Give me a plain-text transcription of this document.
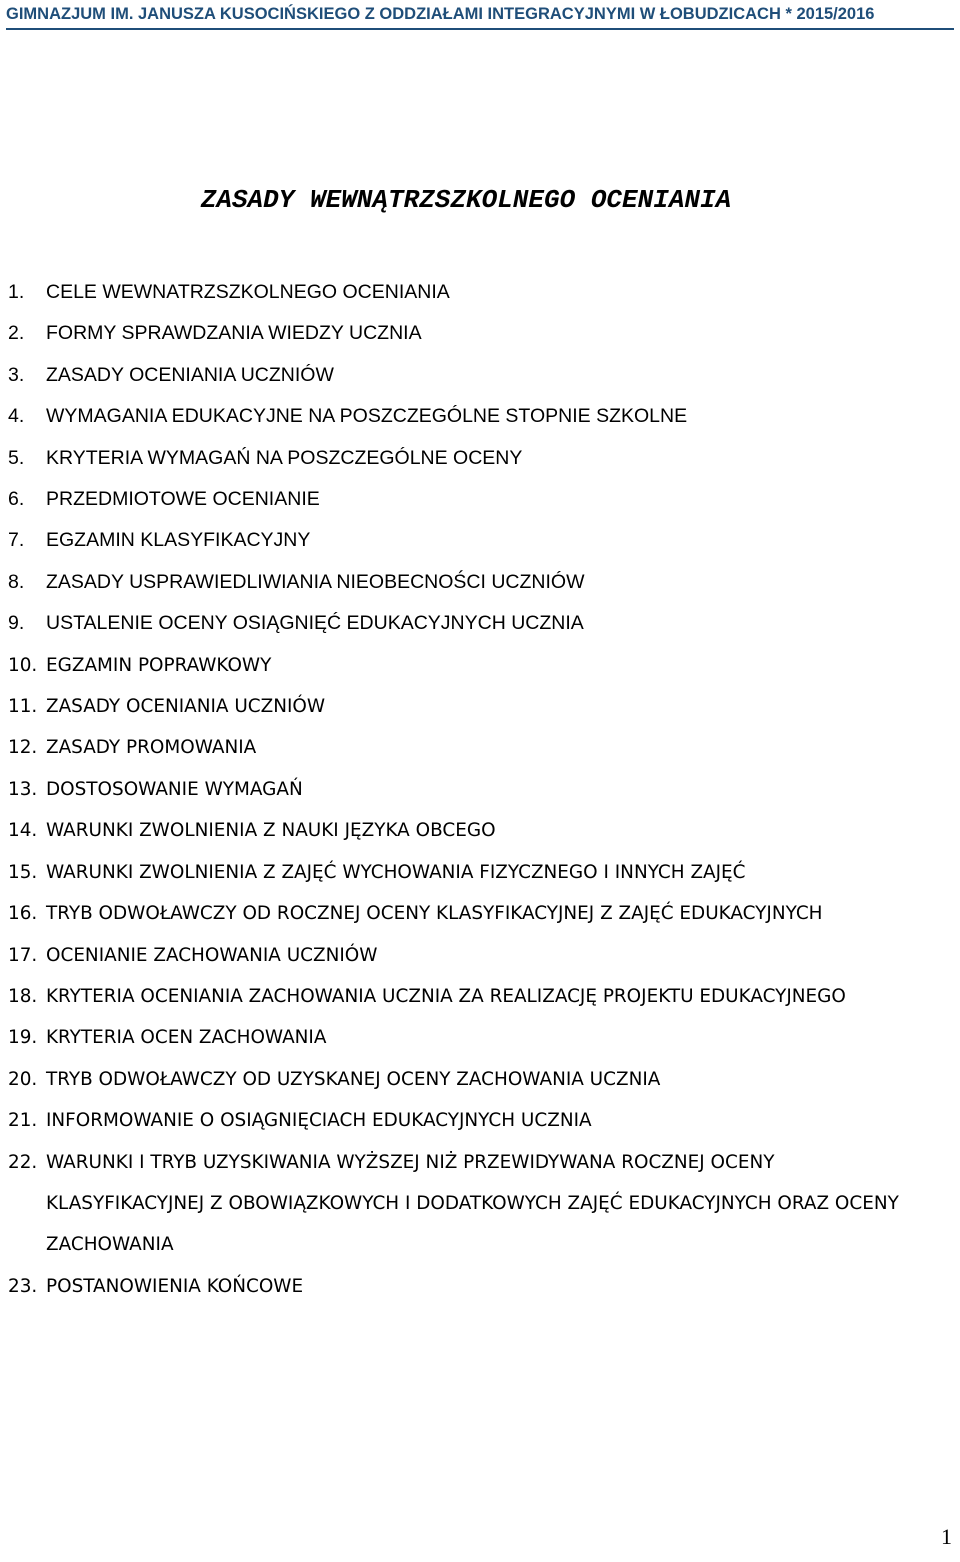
GIMNAZJUM IM. JANUSZA KUSOCIŃSKIEGO Z ODDZIAŁAMI INTEGRACYJNYMI W ŁOBUDZICACH * 2015/2016
ZASADY WEWNĄTRZSZKOLNEGO OCENIANIA
1.	CELE WEWNATRZSZKOLNEGO OCENIANIA
2.	FORMY SPRAWDZANIA WIEDZY UCZNIA
3.	ZASADY OCENIANIA UCZNIÓW
4.	WYMAGANIA EDUKACYJNE NA POSZCZEGÓLNE STOPNIE SZKOLNE
5.	KRYTERIA WYMAGAŃ NA POSZCZEGÓLNE OCENY
6.	PRZEDMIOTOWE OCENIANIE
7.	EGZAMIN KLASYFIKACYJNY
8.	ZASADY USPRAWIEDLIWIANIA NIEOBECNOŚCI UCZNIÓW
9.	USTALENIE OCENY OSIĄGNIĘĆ EDUKACYJNYCH UCZNIA
10. EGZAMIN POPRAWKOWY
11. ZASADY OCENIANIA UCZNIÓW
12. ZASADY PROMOWANIA
13. DOSTOSOWANIE WYMAGAŃ
14. WARUNKI ZWOLNIENIA Z NAUKI JĘZYKA OBCEGO
15. WARUNKI ZWOLNIENIA Z ZAJĘĆ WYCHOWANIA FIZYCZNEGO I INNYCH ZAJĘĆ
16. TRYB ODWOŁAWCZY OD ROCZNEJ OCENY KLASYFIKACYJNEJ Z ZAJĘĆ EDUKACYJNYCH
17. OCENIANIE ZACHOWANIA UCZNIÓW
18. KRYTERIA OCENIANIA ZACHOWANIA UCZNIA ZA REALIZACJĘ PROJEKTU EDUKACYJNEGO
19. KRYTERIA OCEN ZACHOWANIA
20. TRYB ODWOŁAWCZY OD UZYSKANEJ OCENY ZACHOWANIA UCZNIA
21. INFORMOWANIE O OSIĄGNIĘCIACH EDUKACYJNYCH UCZNIA
22. WARUNKI I TRYB UZYSKIWANIA WYŻSZEJ NIŻ PRZEWIDYWANA ROCZNEJ OCENY KLASYFIKACYJNEJ Z OBOWIĄZKOWYCH I DODATKOWYCH ZAJĘĆ EDUKACYJNYCH ORAZ OCENY ZACHOWANIA
23. POSTANOWIENIA KOŃCOWE
1
